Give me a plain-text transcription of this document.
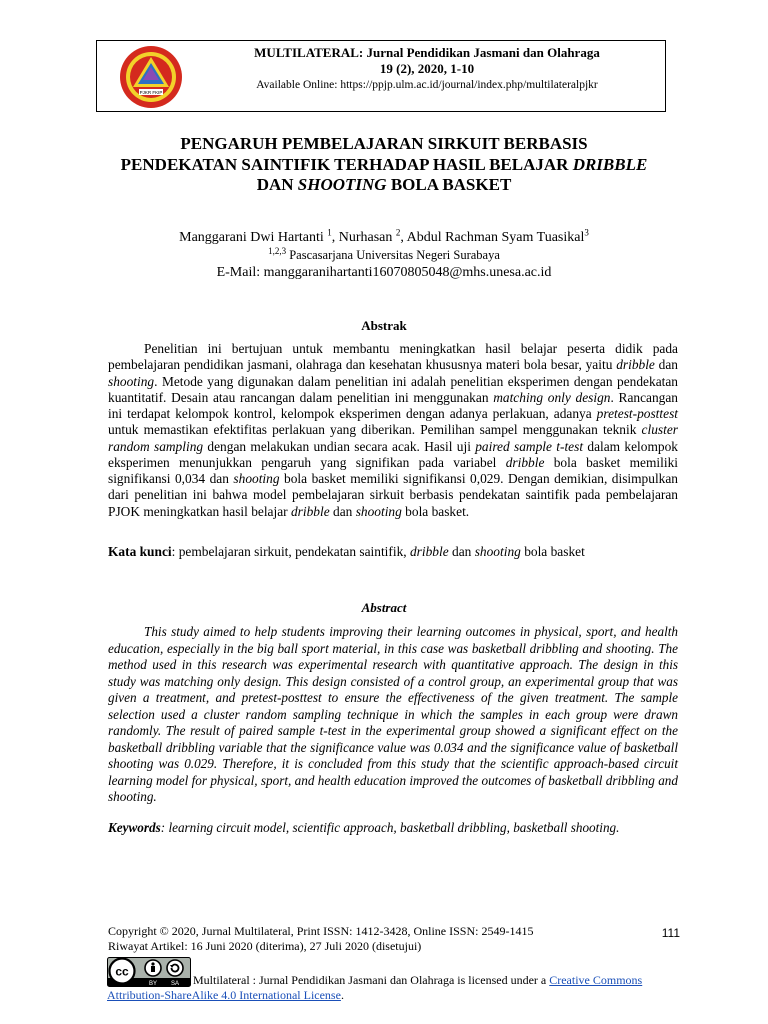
PJKR FKIP
MULTILATERAL: Jurnal Pendidikan Jasmani dan Olahraga
19 (2), 2020, 1-10
Available Online: https://ppjp.ulm.ac.id/journal/index.php/multilateralpjkr
PENGARUH PEMBELAJARAN SIRKUIT BERBASIS
PENDEKATAN SAINTIFIK TERHADAP HASIL BELAJAR DRIBBLE
DAN SHOOTING BOLA BASKET
Manggarani Dwi Hartanti $^1$, Nurhasan $^2$, Abdul Rachman Syam Tuasikal$^3$
$^{1,2,3}$ Pascasarjana Universitas Negeri Surabaya
E-Mail: manggaranihartanti16070805048@mhs.unesa.ac.id
Abstrak
Penelitian ini bertujuan untuk membantu meningkatkan hasil belajar peserta didik pada pembelajaran pendidikan jasmani, olahraga dan kesehatan khususnya materi bola besar, yaitu dribble dan shooting. Metode yang digunakan dalam penelitian ini adalah penelitian eksperimen dengan pendekatan kuantitatif. Desain atau rancangan dalam penelitian ini menggunakan matching only design. Rancangan ini terdapat kelompok kontrol, kelompok eksperimen dengan adanya perlakuan, adanya pretest-posttest untuk memastikan efektifitas perlakuan yang diberikan. Pemilihan sampel menggunakan teknik cluster random sampling dengan melakukan undian secara acak. Hasil uji paired sample t-test dalam kelompok eksperimen menunjukkan pengaruh yang signifikan pada variabel dribble bola basket memiliki signifikansi 0,034 dan shooting bola basket memiliki signifikansi 0,029. Dengan demikian, disimpulkan dari penelitian ini bahwa model pembelajaran sirkuit berbasis pendekatan saintifik pada pembelajaran PJOK meningkatkan hasil belajar dribble dan shooting bola basket.
Kata kunci: pembelajaran sirkuit, pendekatan saintifik, dribble dan shooting bola basket
Abstract
This study aimed to help students improving their learning outcomes in physical, sport, and health education, especially in the big ball sport material, in this case was basketball dribbling and shooting. The method used in this research was experimental research with quantitative approach. The design in this study was matching only design. This design consisted of a control group, an experimental group that was given a treatment, and pretest-posttest to ensure the effectiveness of the given treatment. The sample selection used a cluster random sampling technique in which the samples in each group were drawn randomly. The result of paired sample t-test in the experimental group showed a significant effect on the basketball dribbling variable that the significance value was 0.034 and the significance value of basketball shooting was 0.029. Therefore, it is concluded from this study that the scientific approach-based circuit learning model for physical, sport, and health education improved the outcomes of basketball dribbling and shooting.
Keywords: learning circuit model, scientific approach, basketball dribbling, basketball shooting.
Copyright © 2020, Jurnal Multilateral, Print ISSN: 1412-3428, Online ISSN: 2549-1415
Riwayat Artikel: 16 Juni 2020 (diterima), 27 Juli 2020 (disetujui)
111
cc
BY SA	Multilateral : Jurnal Pendidikan Jasmani dan Olahraga is licensed under a Creative Commons Attribution-ShareAlike 4.0 International License.
